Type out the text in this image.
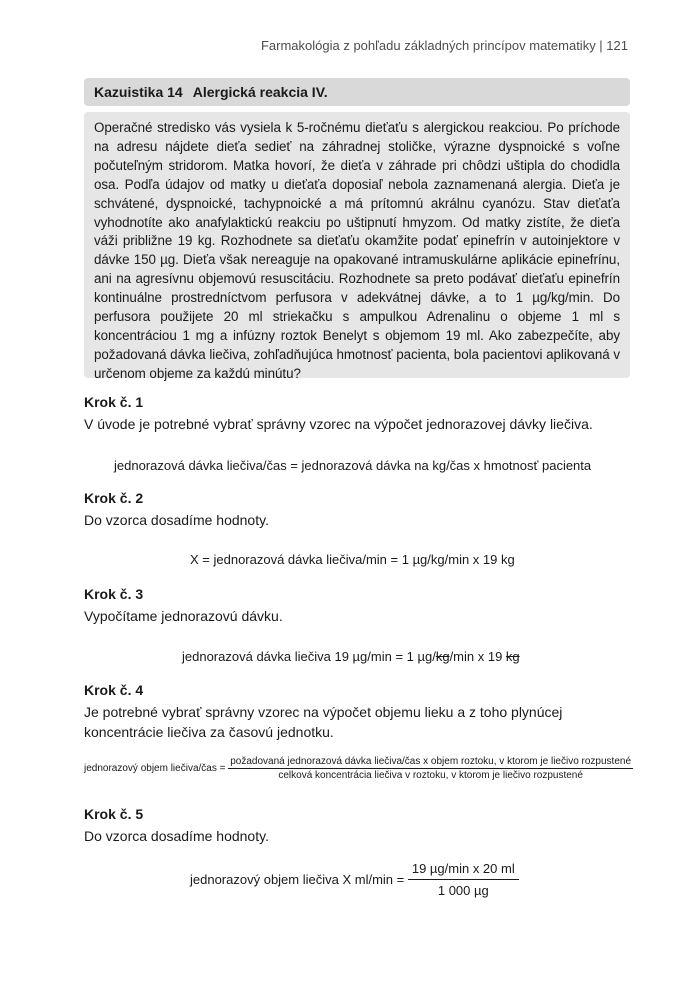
Farmakológia z pohľadu základných princípov matematiky | 121
Kazuistika 14 Alergická reakcia IV.

Operačné stredisko vás vysiela k 5-ročnému dieťaťu s alergickou reakciou. Po príchode na adresu nájdete dieťa sedieť na záhradnej stoličke, výrazne dyspnoické s voľne počuteľným stridorom. Matka hovorí, že dieťa v záhrade pri chôdzi uštipla do chodidla osa. Podľa údajov od matky u dieťaťa doposiaľ nebola zaznamenaná alergia. Dieťa je schvátené, dyspnoické, tachypnoické a má prítomnú akrálnu cyanózu. Stav dieťaťa vyhodnotíte ako anafylaktickú reakciu po uštipnutí hmyzom. Od matky zistíte, že dieťa váži približne 19 kg. Rozhodnete sa dieťaťu okamžite podať epinefrín v autoinjektore v dávke 150 µg. Dieťa však nereaguje na opakované intramuskulárne aplikácie epinefrínu, ani na agresívnu objemovú resuscitáciu. Rozhodnete sa preto podávať dieťaťu epinefrín kontinuálne prostredníctvom perfusora v adekvátnej dávke, a to 1 µg/kg/min. Do perfusora použijete 20 ml striekačku s ampulkou Adrenalinu o objeme 1 ml s koncentráciou 1 mg a infúzny roztok Benelyt s objemom 19 ml. Ako zabezpečíte, aby požadovaná dávka liečiva, zohľadňujúca hmotnosť pacienta, bola pacientovi aplikovaná v určenom objeme za každú minútu?

Krok č. 1
V úvode je potrebné vybrať správny vzorec na výpočet jednorazovej dávky liečiva.
jednorazová dávka liečiva/čas = jednorazová dávka na kg/čas x hmotnosť pacienta
Krok č. 2
Do vzorca dosadíme hodnoty.
X = jednorazová dávka liečiva/min = 1 µg/kg/min x 19 kg
Krok č. 3
Vypočítame jednorazovú dávku.
jednorazová dávka liečiva 19 µg/min = 1 µg/kg/min x 19 kg
Krok č. 4
Je potrebné vybrať správny vzorec na výpočet objemu lieku a z toho plynúcej koncentrácie liečiva za časovú jednotku.
jednorazový objem liečiva/čas =
požadovaná jednorazová dávka liečiva/čas x objem roztoku, v ktorom je liečivo rozpustené
celková koncentrácia liečiva v roztoku, v ktorom je liečivo rozpustené
Krok č. 5
Do vzorca dosadíme hodnoty.
jednorazový objem liečiva X $ml/\min = \frac{\text{19 µg/min x 20 ml}}{\text{1 000 µg}}$
